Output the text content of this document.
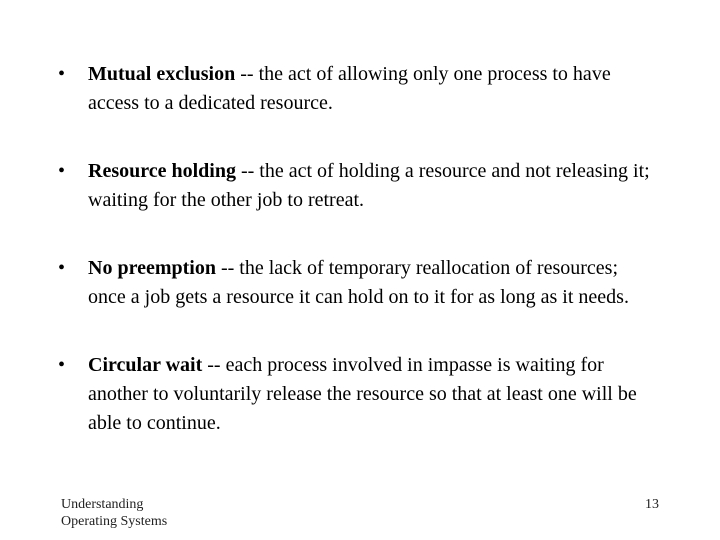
•	Mutual exclusion -- the act of allowing only one process to have access to a dedicated resource.
•	Resource holding -- the act of holding a resource and not releasing it; waiting for the other job to retreat.
•	No preemption -- the lack of temporary reallocation of resources; once a job gets a resource it can hold on to it for as long as it needs.
•	Circular wait -- each process involved in impasse is waiting for another to voluntarily release the resource so that at least one will be able to continue.
Understanding
Operating Systems
13
